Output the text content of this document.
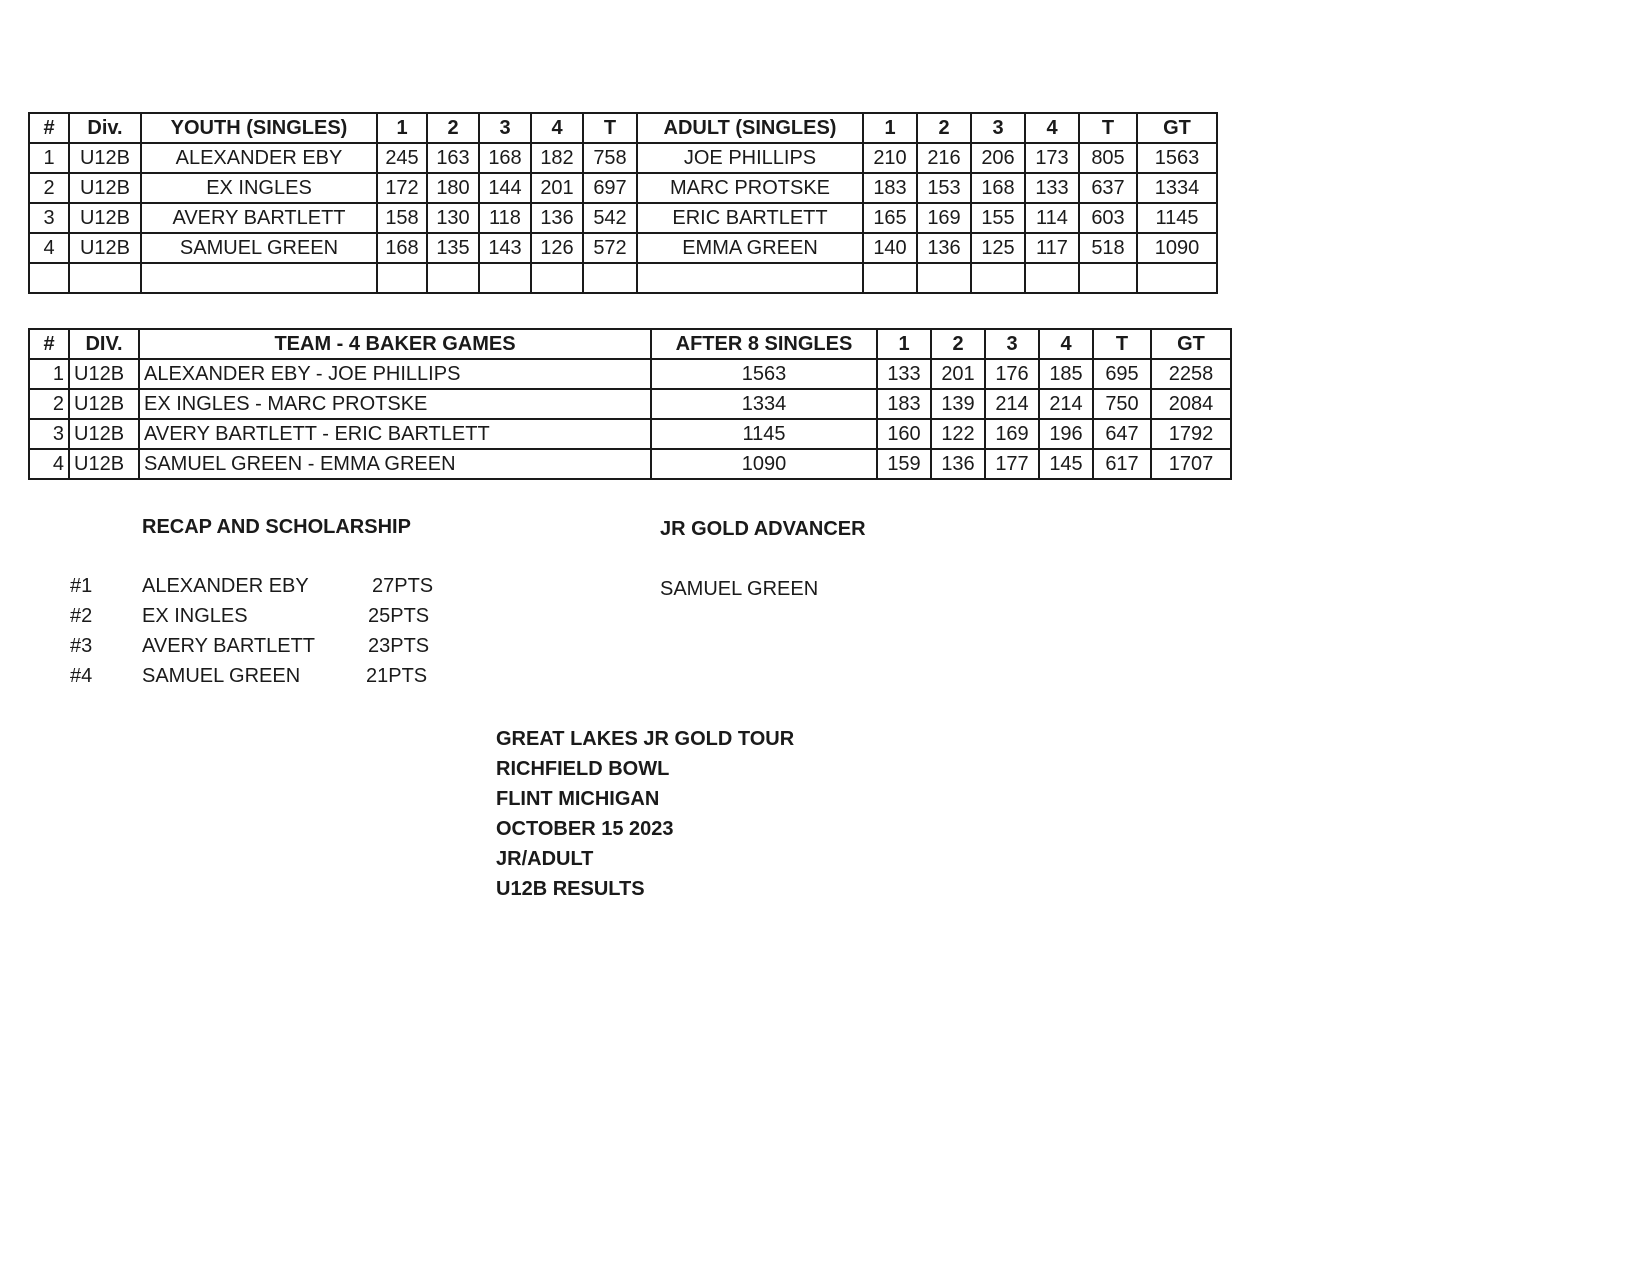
#	Div.	YOUTH (SINGLES)	1	2	3	4	T	ADULT (SINGLES)	1	2	3	4	T	GT
1	U12B	ALEXANDER EBY	245	163	168	182	758	JOE PHILLIPS	210	216	206	173	805	1563
2	U12B	EX INGLES	172	180	144	201	697	MARC PROTSKE	183	153	168	133	637	1334
3	U12B	AVERY BARTLETT	158	130	118	136	542	ERIC BARTLETT	165	169	155	114	603	1145
4	U12B	SAMUEL GREEN	168	135	143	126	572	EMMA GREEN	140	136	125	117	518	1090

#	DIV.	TEAM - 4 BAKER GAMES	AFTER 8 SINGLES	1	2	3	4	T	GT
1	U12B	ALEXANDER EBY - JOE PHILLIPS	1563	133	201	176	185	695	2258
2	U12B	EX INGLES - MARC PROTSKE	1334	183	139	214	214	750	2084
3	U12B	AVERY BARTLETT - ERIC BARTLETT	1145	160	122	169	196	647	1792
4	U12B	SAMUEL GREEN - EMMA GREEN	1090	159	136	177	145	617	1707
RECAP AND SCHOLARSHIP
#1 ALEXANDER EBY	27PTS
#2 EX INGLES	25PTS
#3 AVERY BARTLETT	23PTS
#4 SAMUEL GREEN	21PTS
JR GOLD ADVANCER
SAMUEL GREEN
GREAT LAKES JR GOLD TOUR
RICHFIELD BOWL
FLINT MICHIGAN
OCTOBER 15 2023
JR/ADULT
U12B RESULTS
